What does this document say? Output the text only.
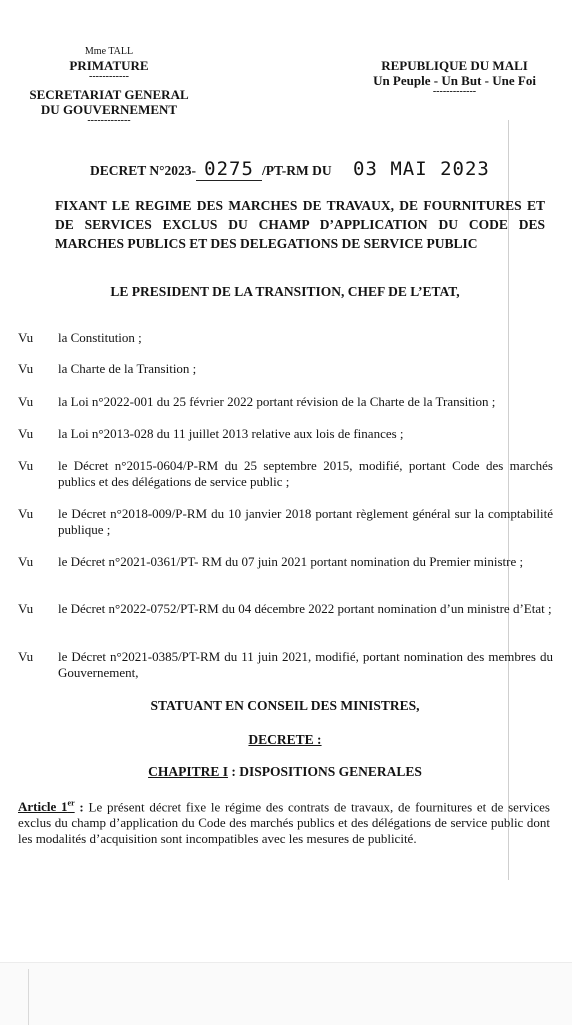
Mme TALL
PRIMATURE
------------
SECRETARIAT GENERAL
DU GOUVERNEMENT
-------------
REPUBLIQUE DU MALI
Un Peuple - Un But - Une Foi
-------------
DECRET N°2023- 0275 /PT-RM DU 03 MAI 2023
FIXANT LE REGIME DES MARCHES DE TRAVAUX, DE FOURNITURES ET DE SERVICES EXCLUS DU CHAMP D’APPLICATION DU CODE DES MARCHES PUBLICS ET DES DELEGATIONS DE SERVICE PUBLIC
LE PRESIDENT DE LA TRANSITION, CHEF DE L’ETAT,
Vu	la Constitution ;
Vu	la Charte de la Transition ;
Vu	la Loi n°2022-001 du 25 février 2022 portant révision de la Charte de la Transition ;
Vu	la Loi n°2013-028 du 11 juillet 2013 relative aux lois de finances ;
Vu	le Décret n°2015-0604/P-RM du 25 septembre 2015, modifié, portant Code des marchés publics et des délégations de service public ;
Vu	le Décret n°2018-009/P-RM du 10 janvier 2018 portant règlement général sur la comptabilité publique ;
Vu	le Décret n°2021-0361/PT- RM du 07 juin 2021 portant nomination du Premier ministre ;
Vu	le Décret n°2022-0752/PT-RM du 04 décembre 2022 portant nomination d’un ministre d’Etat ;
Vu	le Décret n°2021-0385/PT-RM du 11 juin 2021, modifié, portant nomination des membres du Gouvernement,
STATUANT EN CONSEIL DES MINISTRES,
DECRETE :
CHAPITRE I : DISPOSITIONS GENERALES
Article 1er : Le présent décret fixe le régime des contrats de travaux, de fournitures et de services exclus du champ d’application du Code des marchés publics et des délégations de service public dont les modalités d’acquisition sont incompatibles avec les mesures de publicité.
